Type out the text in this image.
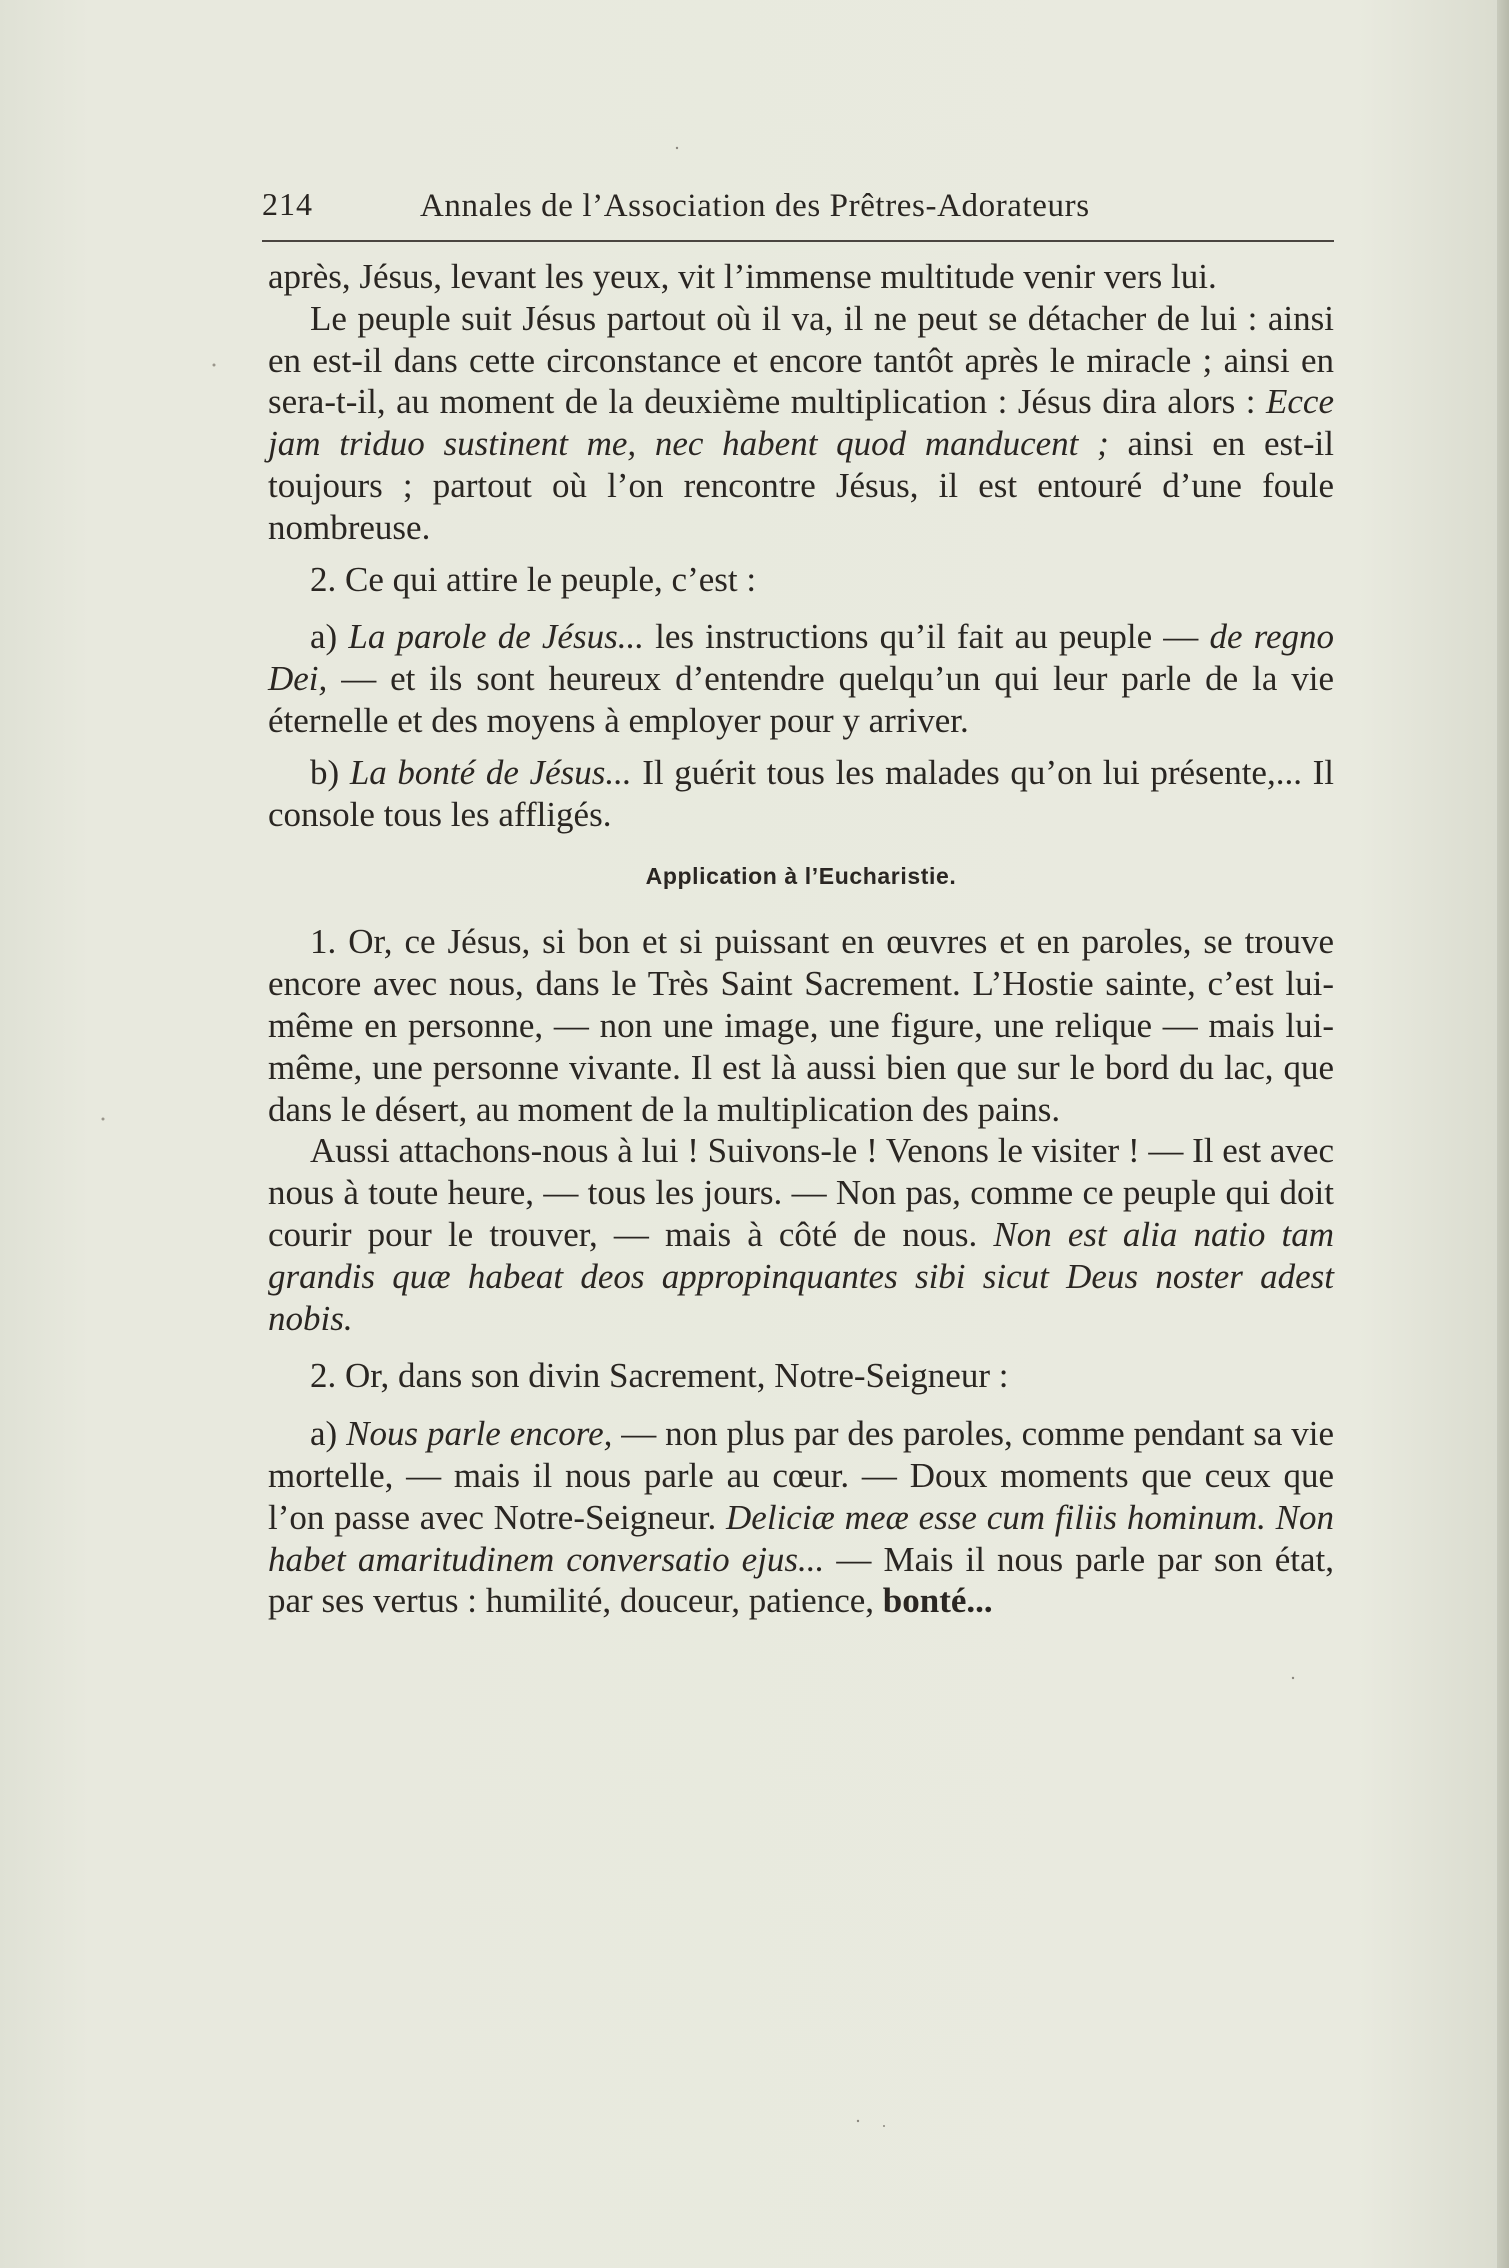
214	Annales de l’Association des Prêtres-Adorateurs

après, Jésus, levant les yeux, vit l’immense multitude venir vers lui.

Le peuple suit Jésus partout où il va, il ne peut se détacher de lui : ainsi en est-il dans cette circonstance et encore tantôt après le miracle ; ainsi en sera-t-il, au moment de la deuxième multiplication : Jésus dira alors : Ecce jam triduo sustinent me, nec habent quod manducent ; ainsi en est-il toujours ; partout où l’on rencontre Jésus, il est entouré d’une foule nombreuse.

2. Ce qui attire le peuple, c’est :

a) La parole de Jésus... les instructions qu’il fait au peuple — de regno Dei, — et ils sont heureux d’entendre quelqu’un qui leur parle de la vie éternelle et des moyens à employer pour y arriver.

b) La bonté de Jésus... Il guérit tous les malades qu’on lui présente,... Il console tous les affligés.

Application à l’Eucharistie.

1. Or, ce Jésus, si bon et si puissant en œuvres et en paroles, se trouve encore avec nous, dans le Très Saint Sacrement. L’Hostie sainte, c’est lui-même en personne, — non une image, une figure, une relique — mais lui-même, une personne vivante. Il est là aussi bien que sur le bord du lac, que dans le désert, au moment de la multiplication des pains.

Aussi attachons-nous à lui ! Suivons-le ! Venons le visiter ! — Il est avec nous à toute heure, — tous les jours. — Non pas, comme ce peuple qui doit courir pour le trouver, — mais à côté de nous. Non est alia natio tam grandis quæ habeat deos appropinquantes sibi sicut Deus noster adest nobis.

2. Or, dans son divin Sacrement, Notre-Seigneur :

a) Nous parle encore, — non plus par des paroles, comme pendant sa vie mortelle, — mais il nous parle au cœur. — Doux moments que ceux que l’on passe avec Notre-Seigneur. Deliciæ meæ esse cum filiis hominum. Non habet amaritudinem conversatio ejus... — Mais il nous parle par son état, par ses vertus : humilité, douceur, patience, bonté...
